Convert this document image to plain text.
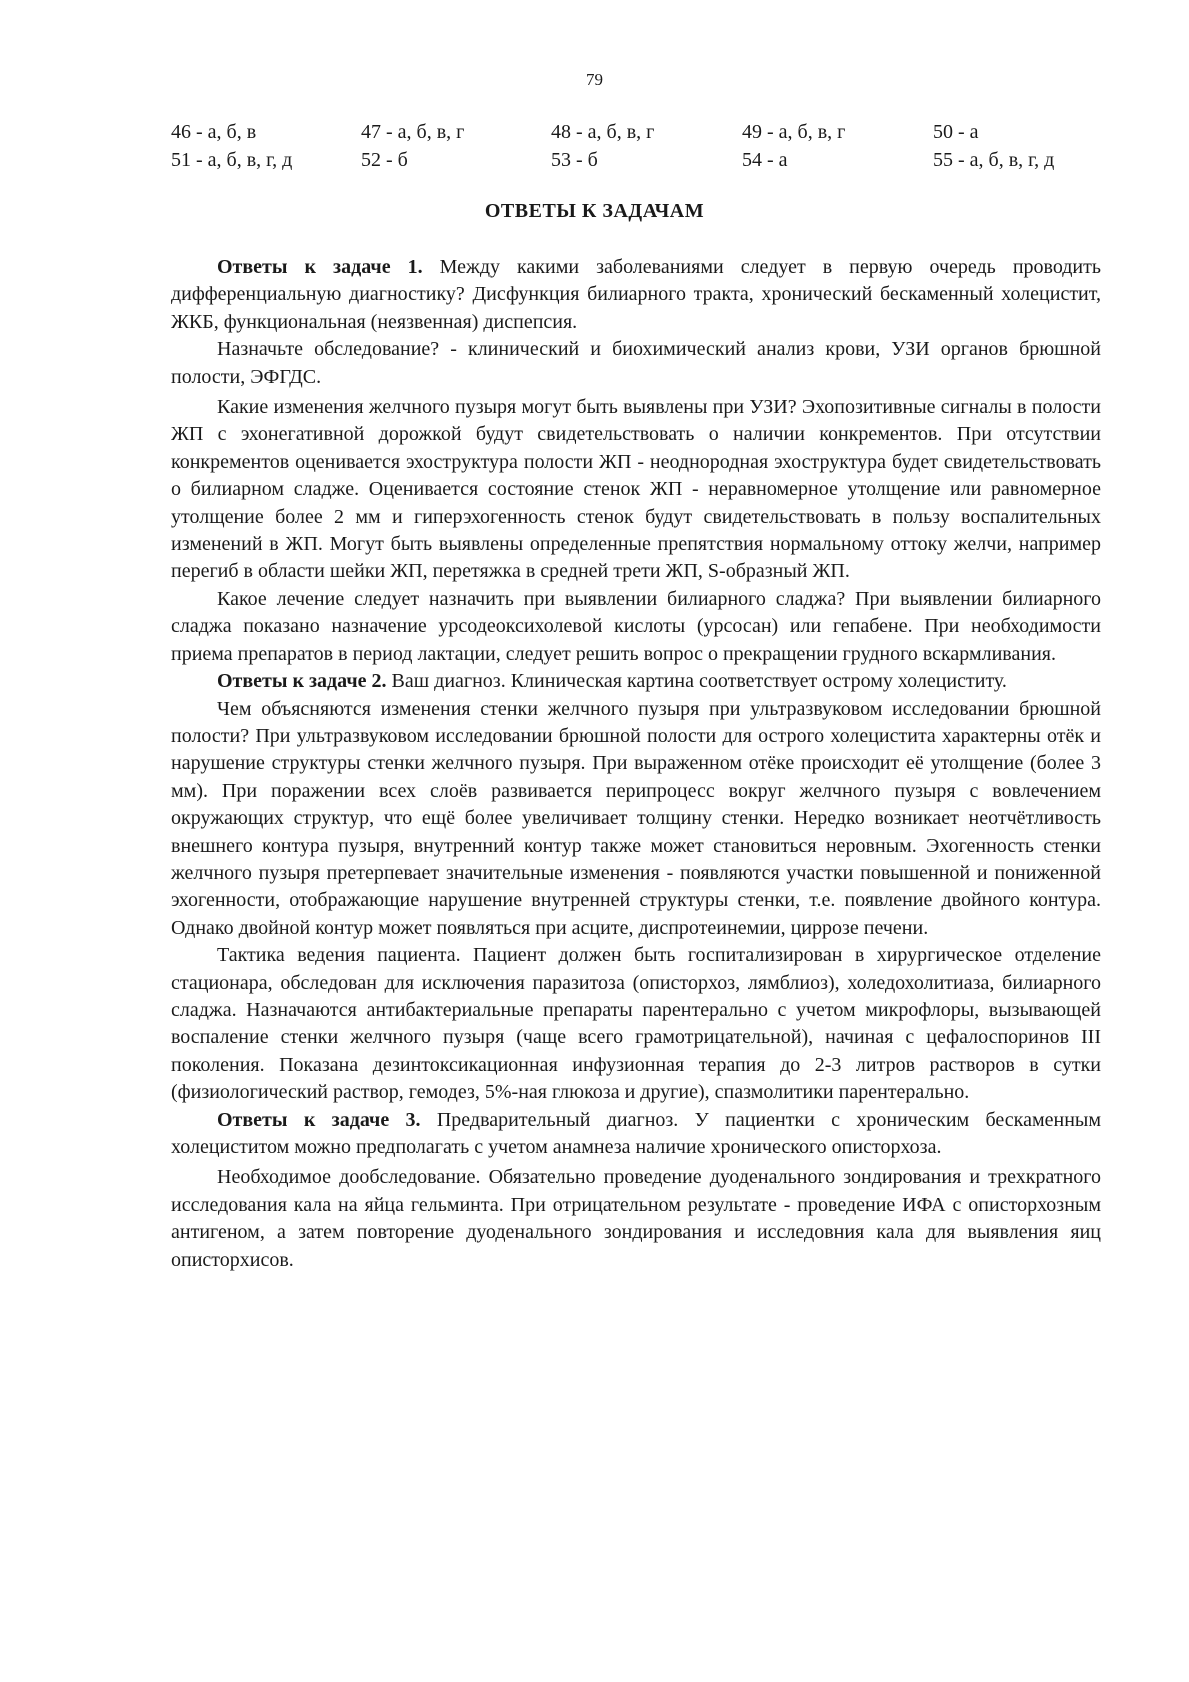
79
46 - а, б, в	47 - а, б, в, г	48 - а, б, в, г	49 - а, б, в, г	50 - а
51 - а, б, в, г, д	52 - б	53 - б	54 - а	55 - а, б, в, г, д
ОТВЕТЫ К ЗАДАЧАМ

Ответы к задаче 1. Между какими заболеваниями следует в первую очередь проводить дифференциальную диагностику? Дисфункция билиарного тракта, хронический бескаменный холецистит, ЖКБ, функциональная (неязвенная) диспепсия.

Назначьте обследование? - клинический и биохимический анализ крови, УЗИ органов брюшной полости, ЭФГДС.

Какие изменения желчного пузыря могут быть выявлены при УЗИ? Эхопозитивные сигналы в полости ЖП с эхонегативной дорожкой будут свидетельствовать о наличии конкрементов. При отсутствии конкрементов оценивается эхоструктура полости ЖП - неоднородная эхоструктура будет свидетельствовать о билиарном сладже. Оценивается состояние стенок ЖП - неравномерное утолщение или равномерное утолщение более 2 мм и гиперэхогенность стенок будут свидетельствовать в пользу воспалительных изменений в ЖП. Могут быть выявлены определенные препятствия нормальному оттоку желчи, например перегиб в области шейки ЖП, перетяжка в средней трети ЖП, S-образный ЖП.

Какое лечение следует назначить при выявлении билиарного сладжа? При выявлении билиарного сладжа показано назначение урсодеоксихолевой кислоты (урсосан) или гепабене. При необходимости приема препаратов в период лактации, следует решить вопрос о прекращении грудного вскармливания.

Ответы к задаче 2. Ваш диагноз. Клиническая картина соответствует острому холециститу.

Чем объясняются изменения стенки желчного пузыря при ультразвуковом исследовании брюшной полости? При ультразвуковом исследовании брюшной полости для острого холецистита характерны отёк и нарушение структуры стенки желчного пузыря. При выраженном отёке происходит её утолщение (более 3 мм). При поражении всех слоёв развивается перипроцесс вокруг желчного пузыря с вовлечением окружающих структур, что ещё более увеличивает толщину стенки. Нередко возникает неотчётливость внешнего контура пузыря, внутренний контур также может становиться неровным. Эхогенность стенки желчного пузыря претерпевает значительные изменения - появляются участки повышенной и пониженной эхогенности, отображающие нарушение внутренней структуры стенки, т.е. появление двойного контура. Однако двойной контур может появляться при асците, диспротеинемии, циррозе печени.

Тактика ведения пациента. Пациент должен быть госпитализирован в хирургическое отделение стационара, обследован для исключения паразитоза (описторхоз, лямблиоз), холедохолитиаза, билиарного сладжа. Назначаются антибактериальные препараты парентерально с учетом микрофлоры, вызывающей воспаление стенки желчного пузыря (чаще всего грамотрицательной), начиная с цефалоспоринов III поколения. Показана дезинтоксикационная инфузионная терапия до 2-3 литров растворов в сутки (физиологический раствор, гемодез, 5%-ная глюкоза и другие), спазмолитики парентерально.

Ответы к задаче 3. Предварительный диагноз. У пациентки с хроническим бескаменным холециститом можно предполагать с учетом анамнеза наличие хронического описторхоза.

Необходимое дообследование. Обязательно проведение дуоденального зондирования и трехкратного исследования кала на яйца гельминта. При отрицательном результате - проведение ИФА с описторхозным антигеном, а затем повторение дуоденального зондирования и исследовния кала для выявления яиц описторхисов.
